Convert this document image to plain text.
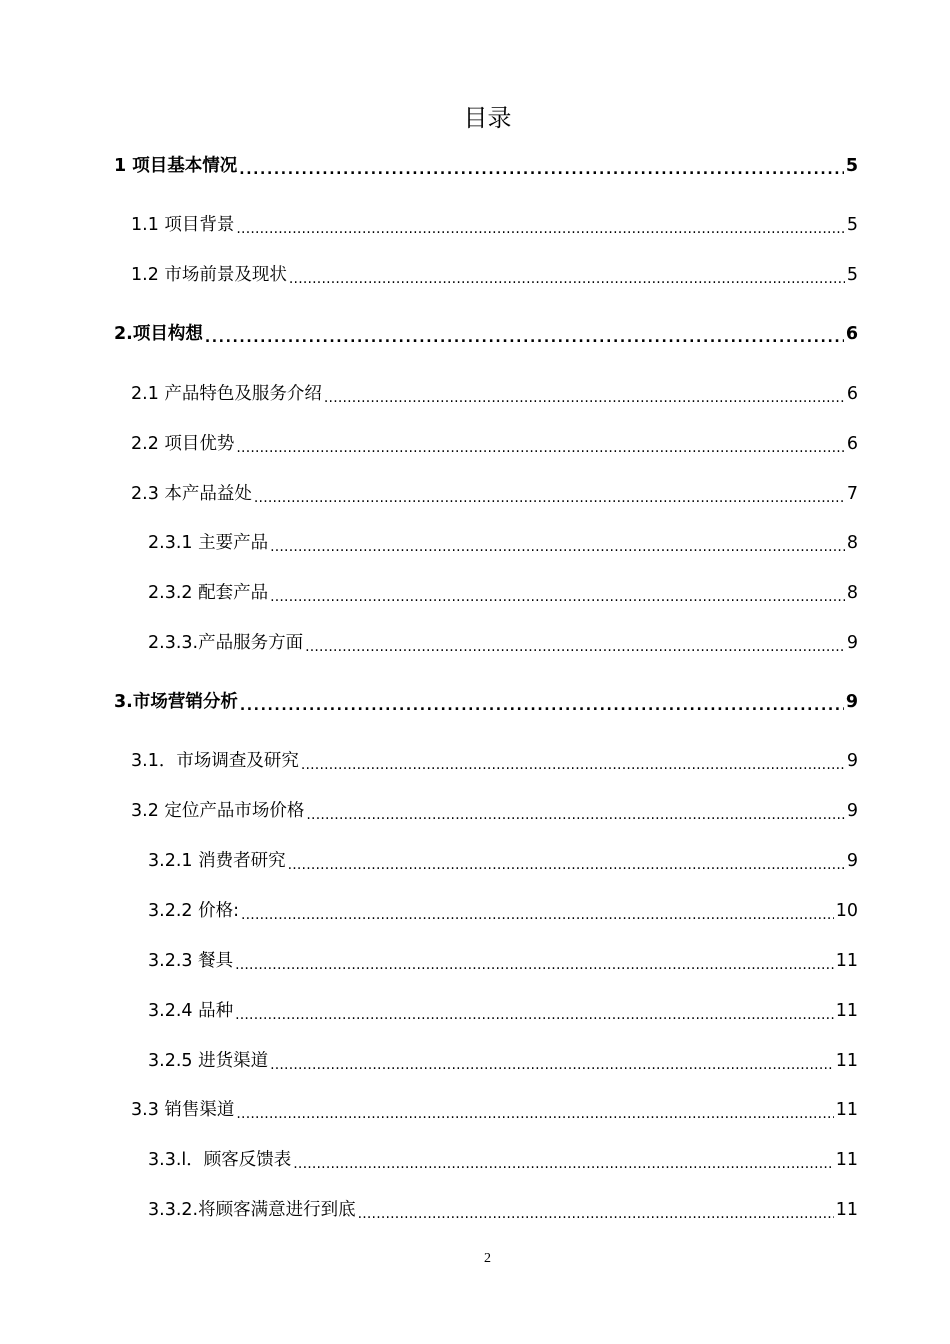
目录
1 项目基本情况 .....	5
1.1 项目背景 .....	5
1.2 市场前景及现状 .....	5
2.项目构想 .....	6
2.1 产品特色及服务介绍 .....	6
2.2 项目优势 .....	6
2.3 本产品益处 .....	7
2.3.1 主要产品 .....	8
2.3.2 配套产品 .....	8
2.3.3.产品服务方面 .....	9
3.市场营销分析 .....	9
3.1．市场调查及研究 .....	9
3.2 定位产品市场价格 .....	9
3.2.1 消费者研究 .....	9
3.2.2 价格: .....	10
3.2.3 餐具 .....	11
3.2.4 品种 .....	11
3.2.5 进货渠道 .....	11
3.3 销售渠道 .....	11
3.3.l．顾客反馈表 .....	11
3.3.2.将顾客满意进行到底 .....	11
2
